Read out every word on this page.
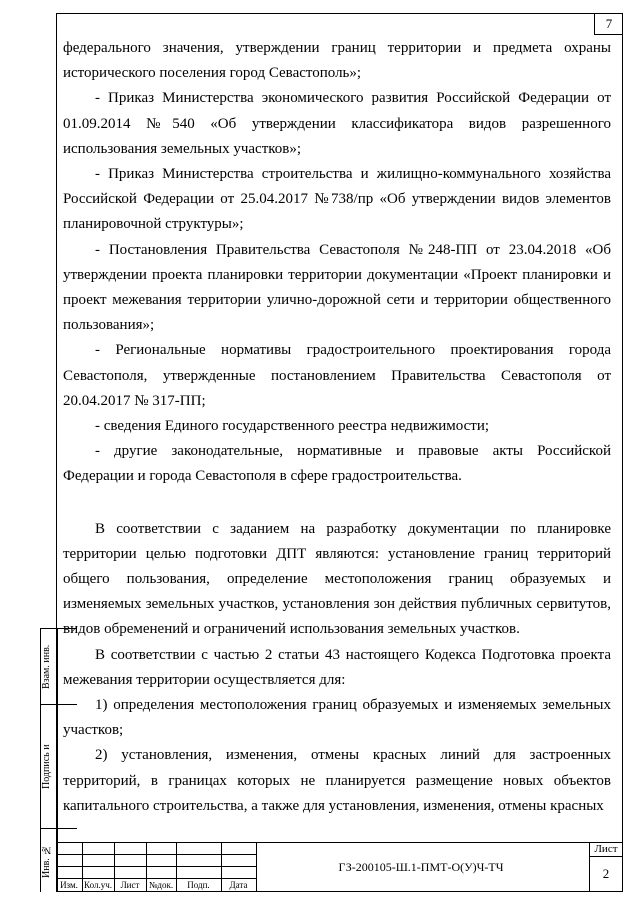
7

федерального значения, утверждении границ территории и предмета охраны исторического поселения город Севастополь»;

- Приказ Министерства экономического развития Российской Федерации от 01.09.2014 №540 «Об утверждении классификатора видов разрешенного использования земельных участков»;

- Приказ Министерства строительства и жилищно-коммунального хозяйства Российской Федерации от 25.04.2017 №738/пр «Об утверждении видов элементов планировочной структуры»;

- Постановления Правительства Севастополя №248-ПП от 23.04.2018 «Об утверждении проекта планировки территории документации «Проект планировки и проект межевания территории улично-дорожной сети и территории общественного пользования»;

- Региональные нормативы градостроительного проектирования города Севастополя, утвержденные постановлением Правительства Севастополя от 20.04.2017 № 317-ПП;

- сведения Единого государственного реестра недвижимости;

- другие законодательные, нормативные и правовые акты Российской Федерации и города Севастополя в сфере градостроительства.

В соответствии с заданием на разработку документации по планировке территории целью подготовки ДПТ являются: установление границ территорий общего пользования, определение местоположения границ образуемых и изменяемых земельных участков, установления зон действия публичных сервитутов, видов обременений и ограничений использования земельных участков.

В соответствии с частью 2 статьи 43 настоящего Кодекса Подготовка проекта межевания территории осуществляется для:

1) определения местоположения границ образуемых и изменяемых земельных участков;

2) установления, изменения, отмены красных линий для застроенных территорий, в границах которых не планируется размещение новых объектов капитального строительства, а также для установления, изменения, отмены красных

Взам. инв.
Подпись и
Инв. №
Изм. Кол.уч. Лист	№док.	Подп.	Дата
ГЗ-200105-Ш.1-ПМТ-О(У)Ч-ТЧ
Лист
2
